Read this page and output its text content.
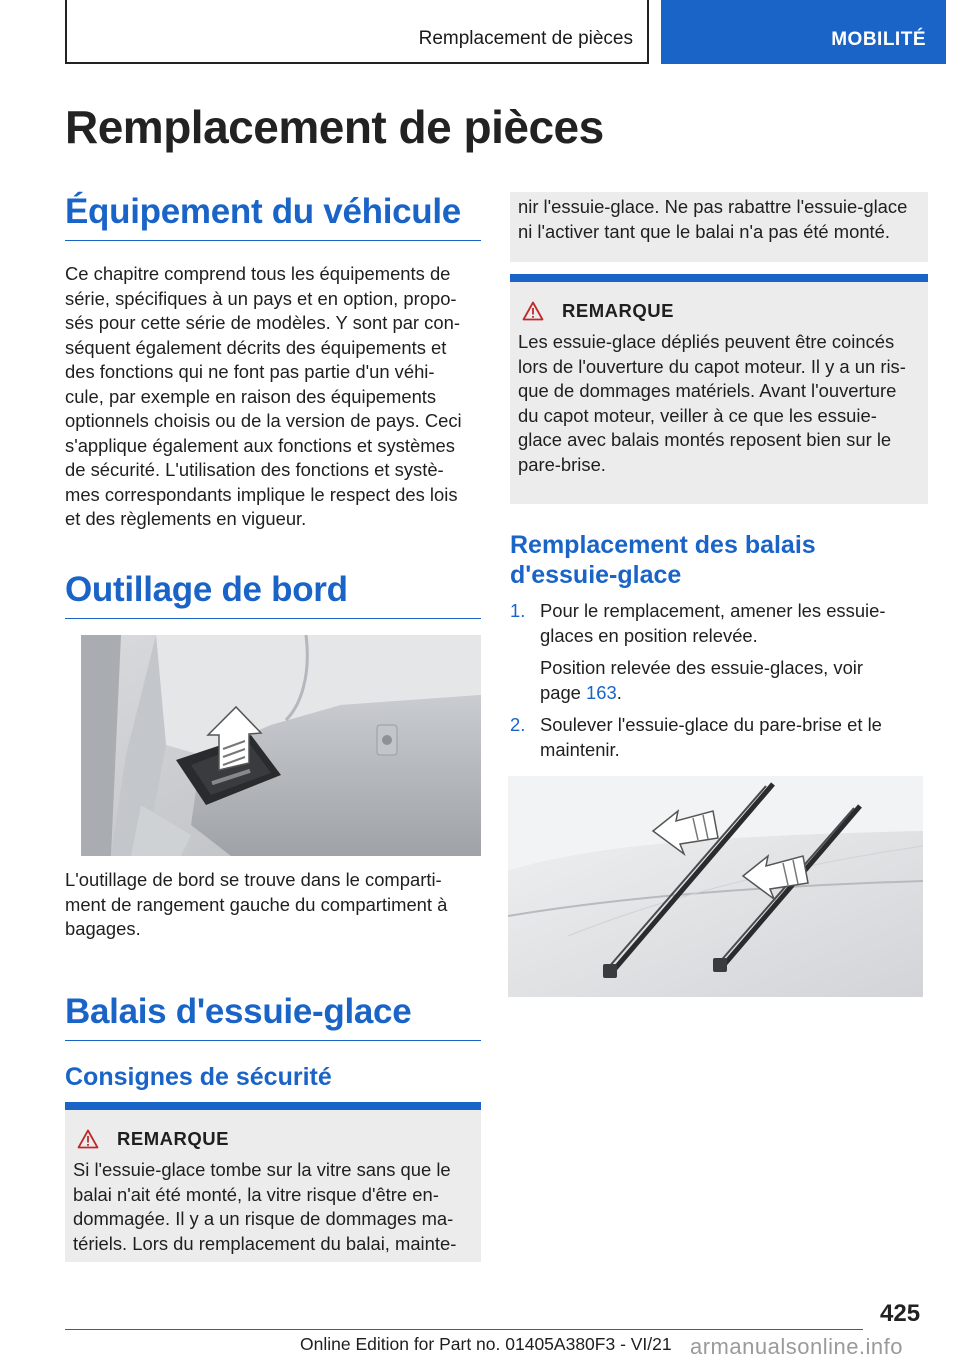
Remplacement de pièces	MOBILITÉ
Remplacement de pièces
Équipement du véhicule
Ce chapitre comprend tous les équipements de
série, spécifiques à un pays et en option, propo-
sés pour cette série de modèles. Y sont par con-
séquent également décrits des équipements et
des fonctions qui ne font pas partie d'un véhi-
cule, par exemple en raison des équipements
optionnels choisis ou de la version de pays. Ceci
s'applique également aux fonctions et systèmes
de sécurité. L'utilisation des fonctions et systè-
mes correspondants implique le respect des lois
et des règlements en vigueur.
Outillage de bord
L'outillage de bord se trouve dans le comparti-
ment de rangement gauche du compartiment à
bagages.
Balais d'essuie-glace
Consignes de sécurité
REMARQUE
Si l'essuie-glace tombe sur la vitre sans que le
balai n'ait été monté, la vitre risque d'être en-
dommagée. Il y a un risque de dommages ma-
tériels. Lors du remplacement du balai, mainte-
nir l'essuie-glace. Ne pas rabattre l'essuie-glace
ni l'activer tant que le balai n'a pas été monté.
REMARQUE
Les essuie-glace dépliés peuvent être coincés
lors de l'ouverture du capot moteur. Il y a un ris-
que de dommages matériels. Avant l'ouverture
du capot moteur, veiller à ce que les essuie-
glace avec balais montés reposent bien sur le
pare-brise.
Remplacement des balais
d'essuie-glace
1. Pour le remplacement, amener les essuie-
glaces en position relevée.
Position relevée des essuie-glaces, voir
page 163.
2. Soulever l'essuie-glace du pare-brise et le
maintenir.
425
Online Edition for Part no. 01405A380F3 - VI/21 armanualsonline.info
